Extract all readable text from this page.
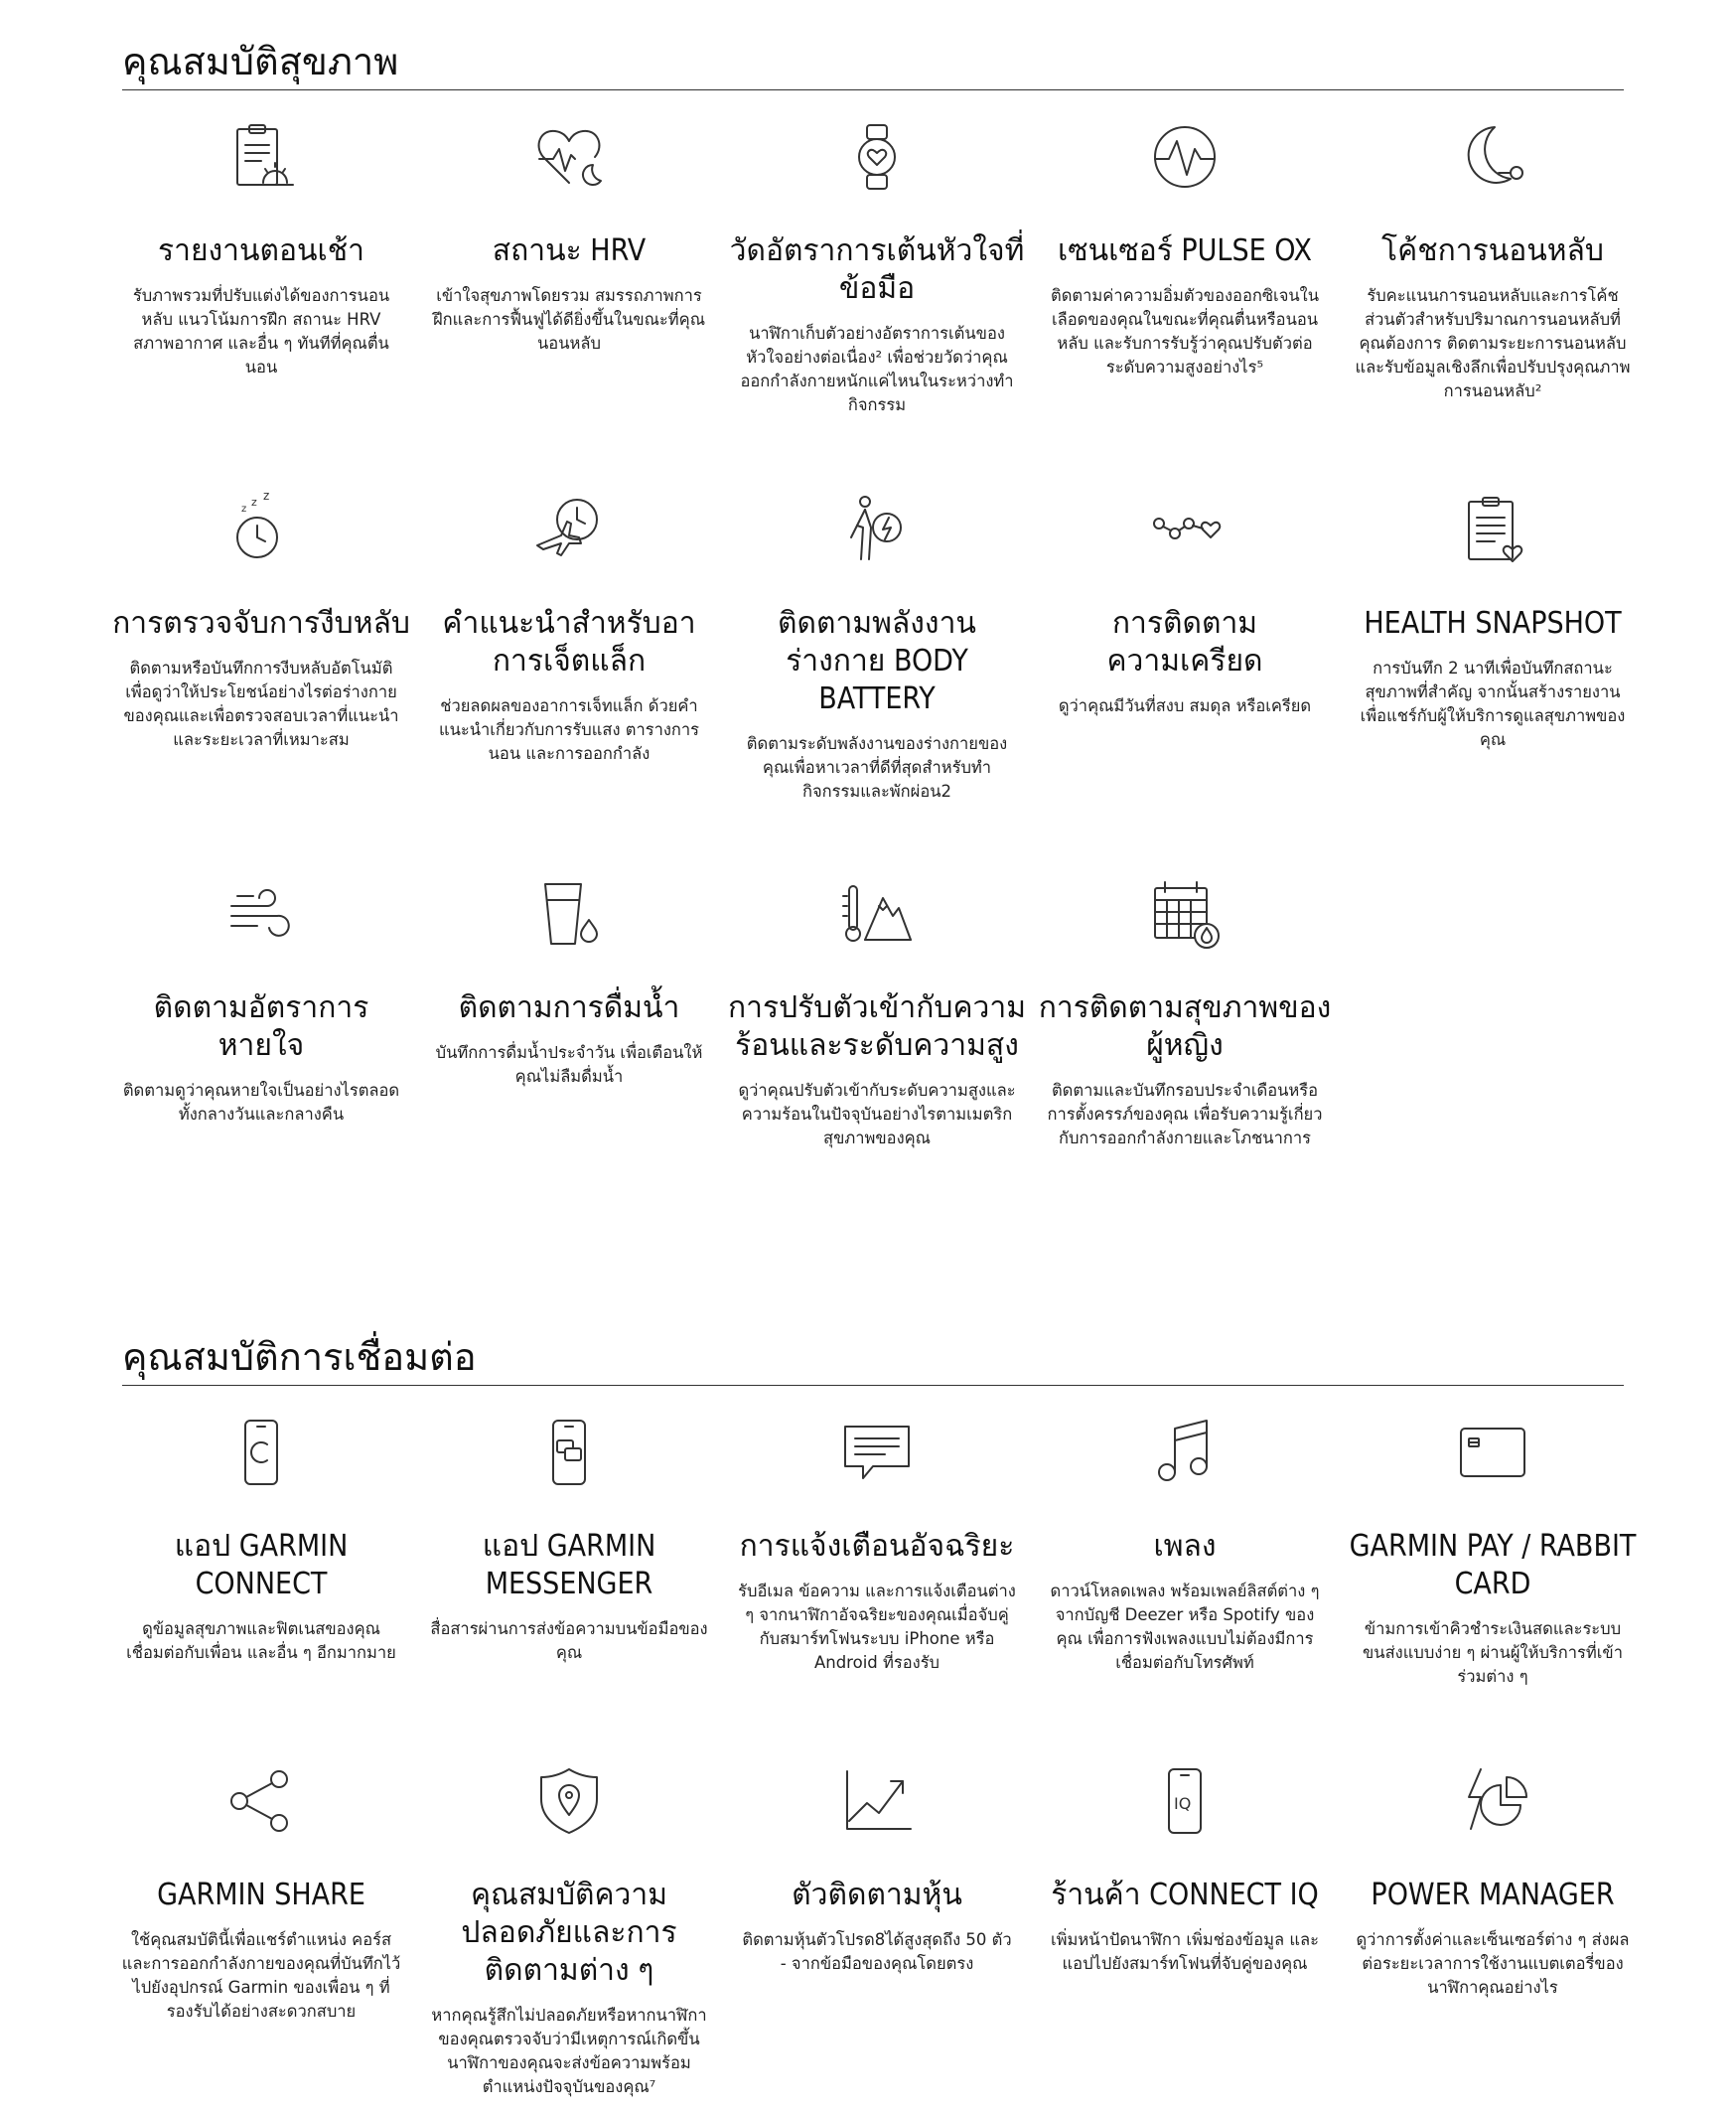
คุณสมบัติสุขภาพ
รายงานตอนเช้า

รับภาพรวมที่ปรับแต่งได้ของการนอนหลับ แนวโน้มการฝึก สถานะ HRV สภาพอากาศ และอื่น ๆ ทันทีที่คุณตื่นนอน

สถานะ HRV

เข้าใจสุขภาพโดยรวม สมรรถภาพการฝึกและการฟื้นฟูได้ดียิ่งขึ้นในขณะที่คุณนอนหลับ

วัดอัตราการเต้นหัวใจที่ข้อมือ

นาฬิกาเก็บตัวอย่างอัตราการเต้นของหัวใจอย่างต่อเนื่อง² เพื่อช่วยวัดว่าคุณออกกำลังกายหนักแค่ไหนในระหว่างทำกิจกรรม

เซนเซอร์ PULSE OX

ติดตามค่าความอิ่มตัวของออกซิเจนในเลือดของคุณในขณะที่คุณตื่นหรือนอนหลับ และรับการรับรู้ว่าคุณปรับตัวต่อระดับความสูงอย่างไร⁵

โค้ชการนอนหลับ

รับคะแนนการนอนหลับและการโค้ชส่วนตัวสำหรับปริมาณการนอนหลับที่คุณต้องการ ติดตามระยะการนอนหลับและรับข้อมูลเชิงลึกเพื่อปรับปรุงคุณภาพการนอนหลับ²

z
z z
การตรวจจับการงีบหลับ

ติดตามหรือบันทึกการงีบหลับอัตโนมัติ เพื่อดูว่าให้ประโยชน์อย่างไรต่อร่างกายของคุณและเพื่อตรวจสอบเวลาที่แนะนำและระยะเวลาที่เหมาะสม

คำแนะนำสำหรับอาการเจ็ตแล็ก

ช่วยลดผลของอาการเจ็ทแล็ก ด้วยคำแนะนำเกี่ยวกับการรับแสง ตารางการนอน และการออกกำลัง

ติดตามพลังงานร่างกาย BODY BATTERY

ติดตามระดับพลังงานของร่างกายของคุณเพื่อหาเวลาที่ดีที่สุดสำหรับทำกิจกรรมและพักผ่อน2

การติดตามความเครียด

ดูว่าคุณมีวันที่สงบ สมดุล หรือเครียด

HEALTH SNAPSHOT

การบันทึก 2 นาทีเพื่อบันทึกสถานะสุขภาพที่สำคัญ จากนั้นสร้างรายงานเพื่อแชร์กับผู้ให้บริการดูแลสุขภาพของคุณ

ติดตามอัตราการหายใจ

ติดตามดูว่าคุณหายใจเป็นอย่างไรตลอดทั้งกลางวันและกลางคืน

ติดตามการดื่มน้ำ

บันทึกการดื่มน้ำประจำวัน เพื่อเตือนให้คุณไม่ลืมดื่มน้ำ

การปรับตัวเข้ากับความร้อนและระดับความสูง

ดูว่าคุณปรับตัวเข้ากับระดับความสูงและความร้อนในปัจจุบันอย่างไรตามเมตริกสุขภาพของคุณ

การติดตามสุขภาพของผู้หญิง

ติดตามและบันทึกรอบประจำเดือนหรือการตั้งครรภ์ของคุณ เพื่อรับความรู้เกี่ยวกับการออกกำลังกายและโภชนาการ

คุณสมบัติการเชื่อมต่อ
แอป GARMIN CONNECT

ดูข้อมูลสุขภาพและฟิตเนสของคุณ เชื่อมต่อกับเพื่อน และอื่น ๆ อีกมากมาย

แอป GARMIN MESSENGER

สื่อสารผ่านการส่งข้อความบนข้อมือของคุณ

การแจ้งเตือนอัจฉริยะ

รับอีเมล ข้อความ และการแจ้งเตือนต่าง ๆ จากนาฬิกาอัจฉริยะของคุณเมื่อจับคู่กับสมาร์ทโฟนระบบ iPhone หรือ Android ที่รองรับ

เพลง

ดาวน์โหลดเพลง พร้อมเพลย์ลิสต์ต่าง ๆ จากบัญชี Deezer หรือ Spotify ของคุณ เพื่อการฟังเพลงแบบไม่ต้องมีการเชื่อมต่อกับโทรศัพท์

GARMIN PAY / RABBIT CARD

ข้ามการเข้าคิวชำระเงินสดและระบบขนส่งแบบง่าย ๆ ผ่านผู้ให้บริการที่เข้าร่วมต่าง ๆ

GARMIN SHARE

ใช้คุณสมบัตินี้เพื่อแชร์ตำแหน่ง คอร์สและการออกกำลังกายของคุณที่บันทึกไว้ไปยังอุปกรณ์ Garmin ของเพื่อน ๆ ที่รองรับได้อย่างสะดวกสบาย

คุณสมบัติความปลอดภัยและการติดตามต่าง ๆ

หากคุณรู้สึกไม่ปลอดภัยหรือหากนาฬิกาของคุณตรวจจับว่ามีเหตุการณ์เกิดขึ้น นาฬิกาของคุณจะส่งข้อความพร้อมตำแหน่งปัจจุบันของคุณ⁷

ตัวติดตามหุ้น

ติดตามหุ้นตัวโปรด8ได้สูงสุดถึง 50 ตัว - จากข้อมือของคุณโดยตรง

IQ
ร้านค้า CONNECT IQ

เพิ่มหน้าปัดนาฬิกา เพิ่มช่องข้อมูล และแอปไปยังสมาร์ทโฟนที่จับคู่ของคุณ

POWER MANAGER

ดูว่าการตั้งค่าและเซ็นเซอร์ต่าง ๆ ส่งผลต่อระยะเวลาการใช้งานแบตเตอรี่ของนาฬิกาคุณอย่างไร
